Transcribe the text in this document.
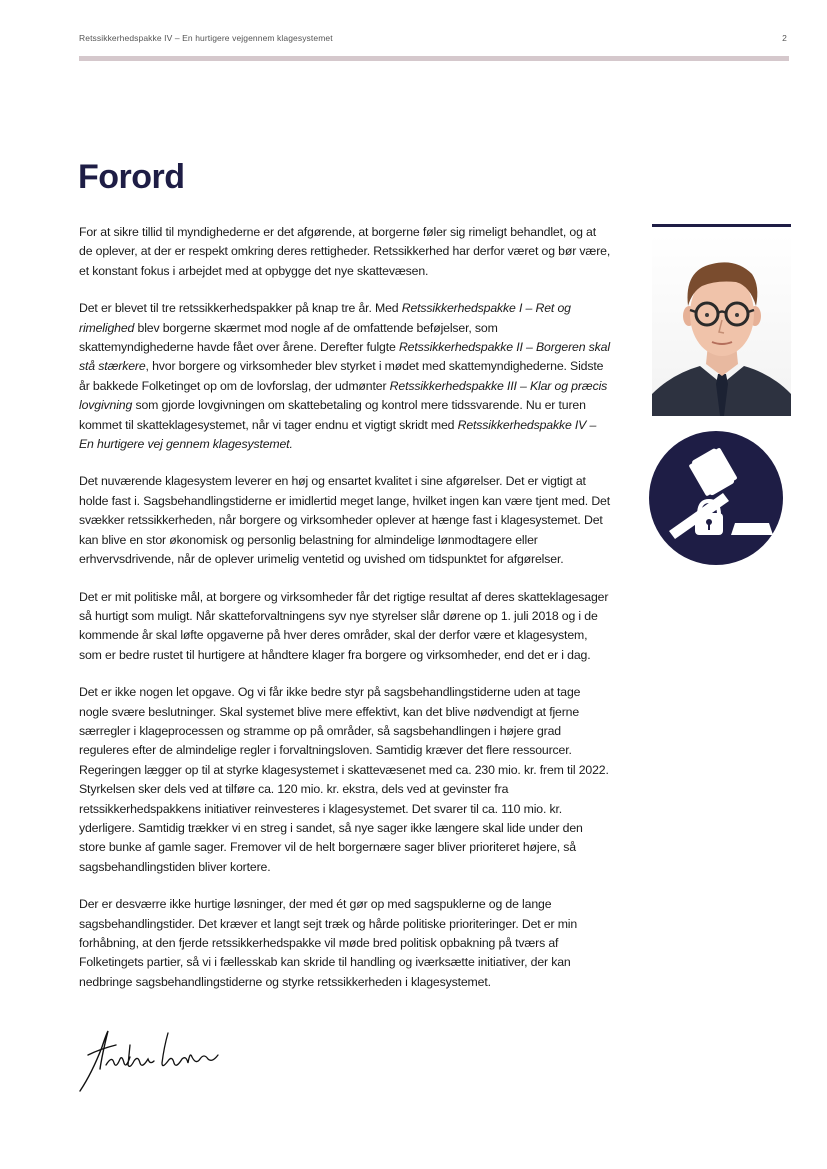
Retssikkerhedspakke IV – En hurtigere vejgennem klagesystemet	2
Forord

For at sikre tillid til myndighederne er det afgørende, at borgerne føler sig rimeligt behandlet, og at de oplever, at der er respekt omkring deres rettigheder. Retssikkerhed har derfor været og bør være, et konstant fokus i arbejdet med at opbygge det nye skattevæsen.

Det er blevet til tre retssikkerhedspakker på knap tre år. Med Retssikkerhedspakke I – Ret og rimelighed blev borgerne skærmet mod nogle af de omfattende beføjelser, som skattemyndighederne havde fået over årene. Derefter fulgte Retssikkerhedspakke II – Borgeren skal stå stærkere, hvor borgere og virksomheder blev styrket i mødet med skattemyndighederne. Sidste år bakkede Folketinget op om de lovforslag, der udmønter Retssikkerhedspakke III – Klar og præcis lovgivning som gjorde lovgivningen om skattebetaling og kontrol mere tidssvarende. Nu er turen kommet til skatteklagesystemet, når vi tager endnu et vigtigt skridt med Retssikkerhedspakke IV – En hurtigere vej gennem klagesystemet.

Det nuværende klagesystem leverer en høj og ensartet kvalitet i sine afgørelser. Det er vigtigt at holde fast i. Sagsbehandlingstiderne er imidlertid meget lange, hvilket ingen kan være tjent med. Det svækker retssikkerheden, når borgere og virksomheder oplever at hænge fast i klagesystemet. Det kan blive en stor økonomisk og personlig belastning for almindelige lønmodtagere eller erhvervsdrivende, når de oplever urimelig ventetid og uvished om tidspunktet for afgørelser.

Det er mit politiske mål, at borgere og virksomheder får det rigtige resultat af deres skatteklagesager så hurtigt som muligt. Når skatteforvaltningens syv nye styrelser slår dørene op 1. juli 2018 og i de kommende år skal løfte opgaverne på hver deres områder, skal der derfor være et klagesystem, som er bedre rustet til hurtigere at håndtere klager fra borgere og virksomheder, end det er i dag.

Det er ikke nogen let opgave. Og vi får ikke bedre styr på sagsbehandlingstiderne uden at tage nogle svære beslutninger. Skal systemet blive mere effektivt, kan det blive nødvendigt at fjerne særregler i klageprocessen og stramme op på områder, så sagsbehandlingen i højere grad reguleres efter de almindelige regler i forvaltningsloven. Samtidig kræver det flere ressourcer. Regeringen lægger op til at styrke klagesystemet i skattevæsenet med ca. 230 mio. kr. frem til 2022. Styrkelsen sker dels ved at tilføre ca. 120 mio. kr. ekstra, dels ved at gevinster fra retssikkerhedspakkens initiativer reinvesteres i klagesystemet. Det svarer til ca. 110 mio. kr. yderligere. Samtidig trækker vi en streg i sandet, så nye sager ikke længere skal lide under den store bunke af gamle sager. Fremover vil de helt borgernære sager bliver prioriteret højere, så sagsbehandlingstiden bliver kortere.

Der er desværre ikke hurtige løsninger, der med ét gør op med sagspuklerne og de lange sagsbehandlingstider. Det kræver et langt sejt træk og hårde politiske prioriteringer. Det er min forhåbning, at den fjerde retssikkerhedspakke vil møde bred politisk opbakning på tværs af Folketingets partier, så vi i fællesskab kan skride til handling og iværksætte initiativer, der kan nedbringe sagsbehandlingstiderne og styrke retssikkerheden i klagesystemet.
